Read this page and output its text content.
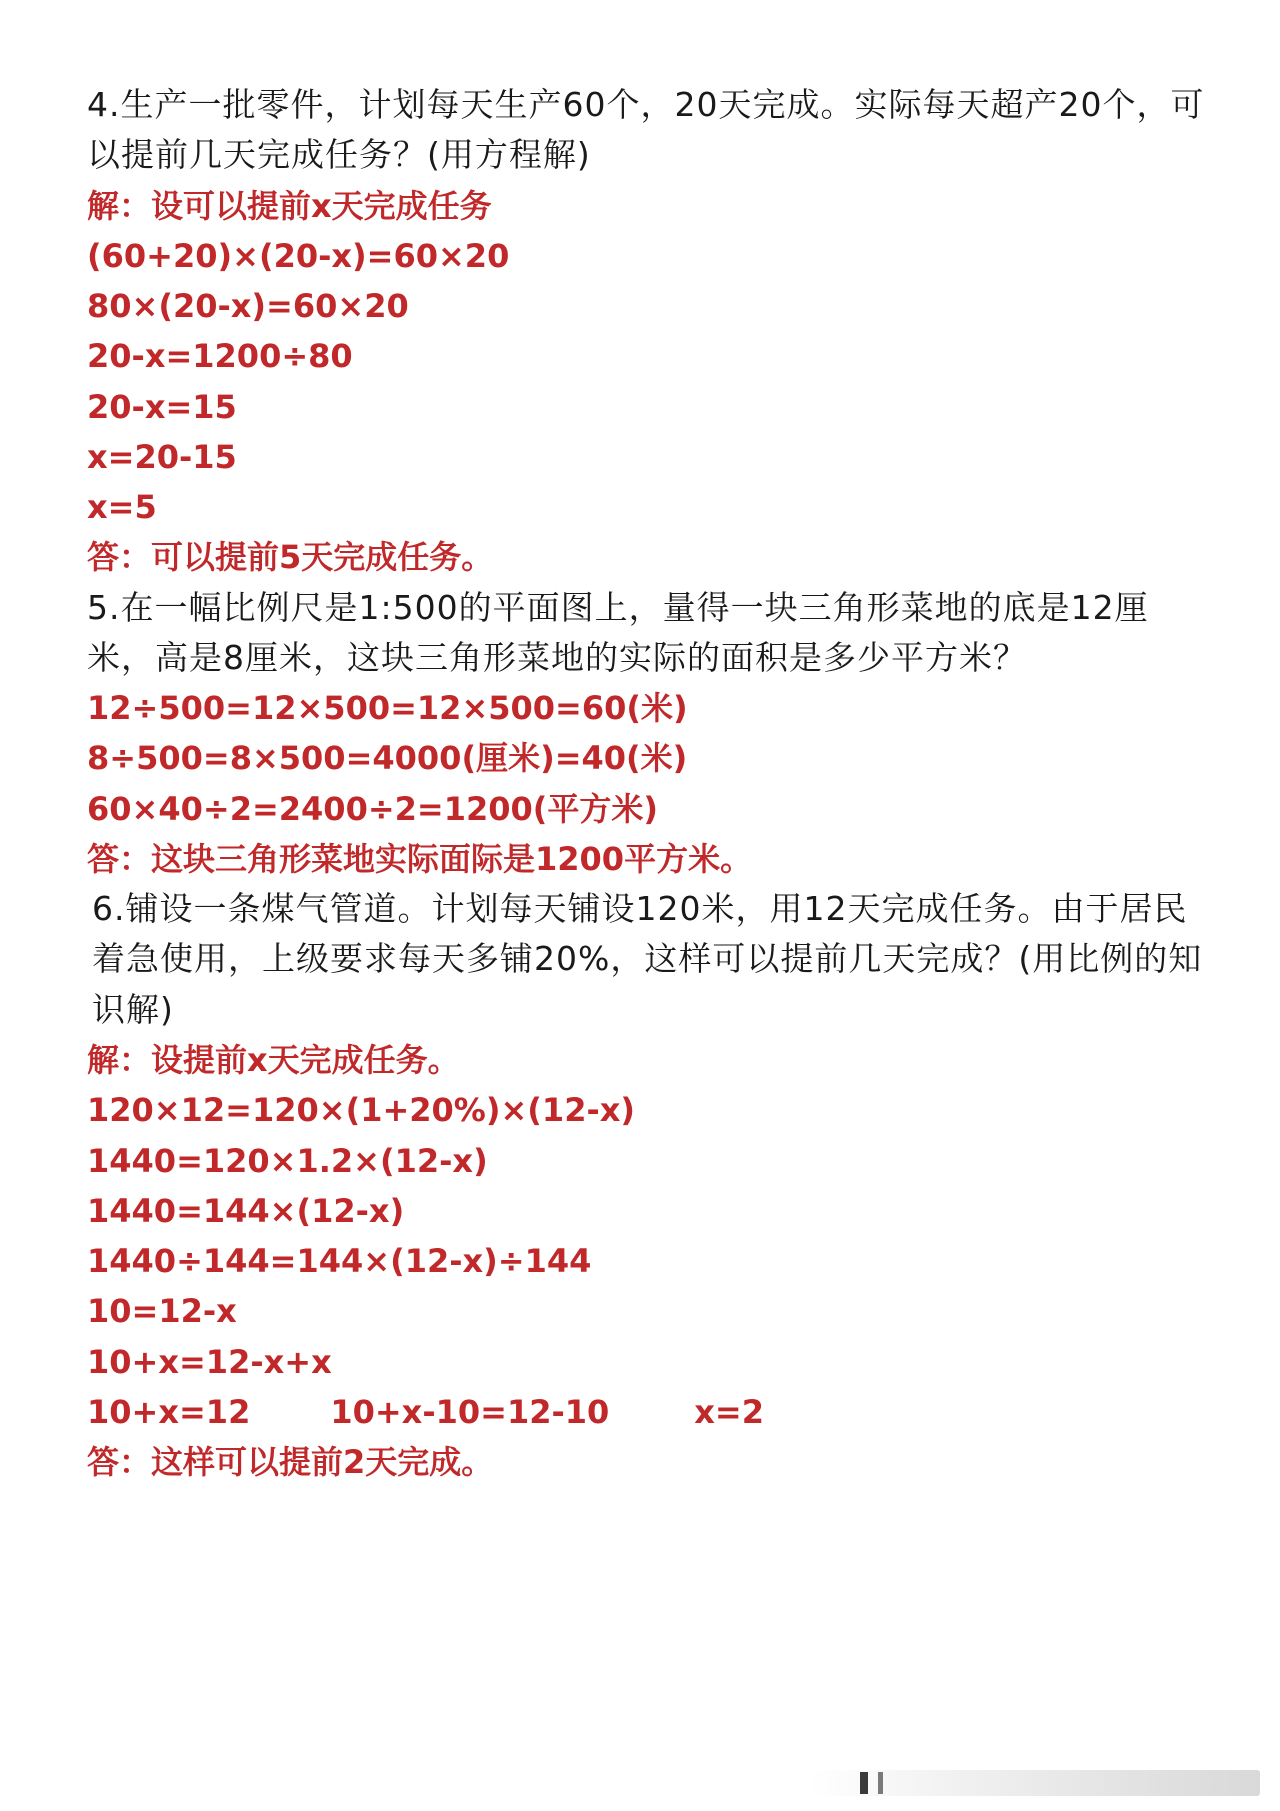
4.生产一批零件，计划每天生产60个，20天完成。实际每天超产20个，可
以提前几天完成任务？(用方程解)
解：设可以提前x天完成任务
(60+20)×(20-x)=60×20
80×(20-x)=60×20
20-x=1200÷80
20-x=15
x=20-15
x=5
答：可以提前5天完成任务。
5.在一幅比例尺是1:500的平面图上，量得一块三角形菜地的底是12厘
米，高是8厘米，这块三角形菜地的实际的面积是多少平方米？
12÷500=12×500=12×500=60(米)
8÷500=8×500=4000(厘米)=40(米)
60×40÷2=2400÷2=1200(平方米)
答：这块三角形菜地实际面际是1200平方米。
6.铺设一条煤气管道。计划每天铺设120米，用12天完成任务。由于居民
着急使用，上级要求每天多铺20%，这样可以提前几天完成？(用比例的知
识解)
解：设提前x天完成任务。
120×12=120×(1+20%)×(12-x)
1440=120×1.2×(12-x)
1440=144×(12-x)
1440÷144=144×(12-x)÷144
10=12-x
10+x=12-x+x
10+x=12	10+x-10=12-10	x=2
答：这样可以提前2天完成。
